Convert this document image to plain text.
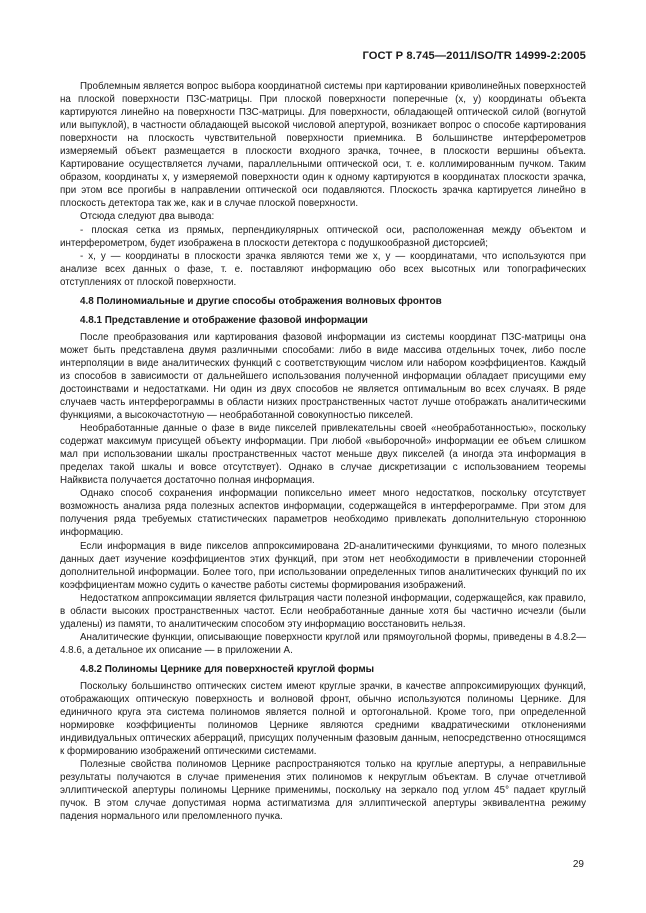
ГОСТ Р 8.745—2011/ISO/TR 14999-2:2005

Проблемным является вопрос выбора координатной системы при картировании криволинейных поверхностей на плоской поверхности ПЗС-матрицы. При плоской поверхности поперечные (x, y) координаты объекта картируются линейно на поверхности ПЗС-матрицы. Для поверхности, обладающей оптической силой (вогнутой или выпуклой), в частности обладающей высокой числовой апертурой, возникает вопрос о способе картирования поверхности на плоскость чувствительной поверхности приемника. В большинстве интерферометров измеряемый объект размещается в плоскости входного зрачка, точнее, в плоскости вершины объекта. Картирование осуществляется лучами, параллельными оптической оси, т. е. коллимированным пучком. Таким образом, координаты x, y измеряемой поверхности один к одному картируются в координатах плоскости зрачка, при этом все прогибы в направлении оптической оси подавляются. Плоскость зрачка картируется линейно в плоскость детектора так же, как и в случае плоской поверхности.

Отсюда следуют два вывода:

- плоская сетка из прямых, перпендикулярных оптической оси, расположенная между объектом и интерферометром, будет изображена в плоскости детектора с подушкообразной дисторсией;

- x, y — координаты в плоскости зрачка являются теми же x, y — координатами, что используются при анализе всех данных о фазе, т. е. поставляют информацию обо всех высотных или топографических отступлениях от плоской поверхности.

4.8 Полиномиальные и другие способы отображения волновых фронтов
4.8.1 Представление и отображение фазовой информации

После преобразования или картирования фазовой информации из системы координат ПЗС-матрицы она может быть представлена двумя различными способами: либо в виде массива отдельных точек, либо после интерполяции в виде аналитических функций с соответствующим числом или набором коэффициентов. Каждый из способов в зависимости от дальнейшего использования полученной информации обладает присущими ему достоинствами и недостатками. Ни один из двух способов не является оптимальным во всех случаях. В ряде случаев часть интерферограммы в области низких пространственных частот лучше отображать аналитическими функциями, а высокочастотную — необработанной совокупностью пикселей.

Необработанные данные о фазе в виде пикселей привлекательны своей «необработанностью», поскольку содержат максимум присущей объекту информации. При любой «выборочной» информации ее объем слишком мал при использовании шкалы пространственных частот меньше двух пикселей (а иногда эта информация в пределах такой шкалы и вовсе отсутствует). Однако в случае дискретизации с использованием теоремы Найквиста получается достаточно полная информация.

Однако способ сохранения информации попиксельно имеет много недостатков, поскольку отсутствует возможность анализа ряда полезных аспектов информации, содержащейся в интерферограмме. При этом для получения ряда требуемых статистических параметров необходимо привлекать дополнительную стороннюю информацию.

Если информация в виде пикселов аппроксимирована 2D-аналитическими функциями, то много полезных данных дает изучение коэффициентов этих функций, при этом нет необходимости в привлечении сторонней дополнительной информации. Более того, при использовании определенных типов аналитических функций по их коэффициентам можно судить о качестве работы системы формирования изображений.

Недостатком аппроксимации является фильтрация части полезной информации, содержащейся, как правило, в области высоких пространственных частот. Если необработанные данные хотя бы частично исчезли (были удалены) из памяти, то аналитическим способом эту информацию восстановить нельзя.

Аналитические функции, описывающие поверхности круглой или прямоугольной формы, приведены в 4.8.2—4.8.6, а детальное их описание — в приложении А.

4.8.2 Полиномы Цернике для поверхностей круглой формы

Поскольку большинство оптических систем имеют круглые зрачки, в качестве аппроксимирующих функций, отображающих оптическую поверхность и волновой фронт, обычно используются полиномы Цернике. Для единичного круга эта система полиномов является полной и ортогональной. Кроме того, при определенной нормировке коэффициенты полиномов Цернике являются средними квадратическими отклонениями индивидуальных оптических аберраций, присущих полученным фазовым данным, непосредственно относящимся к формированию изображений оптическими системами.

Полезные свойства полиномов Цернике распространяются только на круглые апертуры, а неправильные результаты получаются в случае применения этих полиномов к некруглым объектам. В случае отчетливой эллиптической апертуры полиномы Цернике применимы, поскольку на зеркало под углом 45° падает круглый пучок. В этом случае допустимая норма астигматизма для эллиптической апертуры эквивалентна режиму падения нормального или преломленного пучка.

29
